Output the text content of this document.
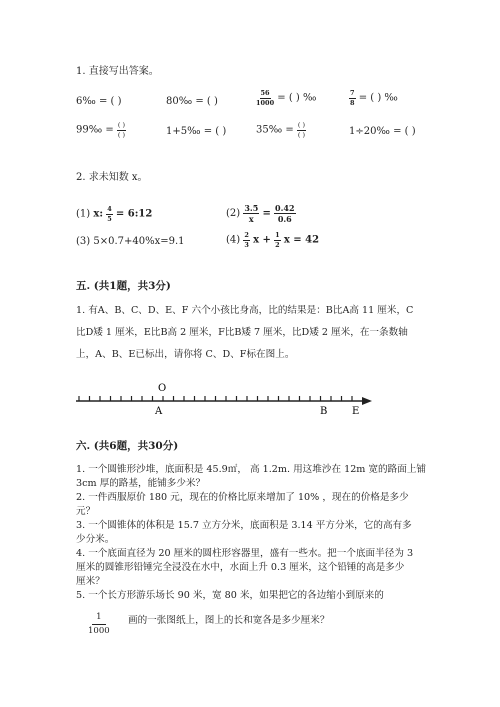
1. 直接写出答案。
6‰ = ( )	80‰ = ( )	$\frac{56}{1000}$ = ( ) ‰	$\frac{7}{8}$ = ( ) ‰
99‰ = $\frac{( )}{( )}$	1+5‰ = ( )	35‰ = $\frac{( )}{( )}$	1÷20‰ = ( )
2. 求未知数 x。
(1) x: $\frac{4}{5}$ = 6:12	$(2) \frac{3.5}{x} = \frac{0.42}{0.6}$
(3) 5×0.7+40%x=9.1	$(4) \frac{2}{3}$ $x + \frac{1}{2}$ x = 42
五. (共1题，共3分)
1. 有A、B、C、D、E、F 六个小孩比身高，比的结果是：B比A高 11 厘米，C
比D矮 1 厘米，E比B高 2 厘米，F比B矮 7 厘米，比D矮 2 厘米，在一条数轴
上，A、B、E已标出，请你将 C、D、F标在图上。
O
A	B E
六. (共6题，共30分)
1. 一个圆锥形沙堆，底面积是 45.9㎡， 高 1.2m. 用这堆沙在 12m 宽的路面上铺
3cm 厚的路基，能铺多少米？
2. 一件西服原价 180 元，现在的价格比原来增加了 10% ，现在的价格是多少
元？
3. 一个圆锥体的体积是 15.7 立方分米，底面积是 3.14 平方分米，它的高有多
少分米。
4. 一个底面直径为 20 厘米的圆柱形容器里，盛有一些水。把一个底面半径为 3
厘米的圆锥形铅锤完全浸没在水中，水面上升 0.3 厘米，这个铅锤的高是多少
厘米？
5. 一个长方形游乐场长 90 米，宽 80 米，如果把它的各边缩小到原来的
$\frac{1}{1000}$ 画的一张图纸上，图上的长和宽各是多少厘米？
